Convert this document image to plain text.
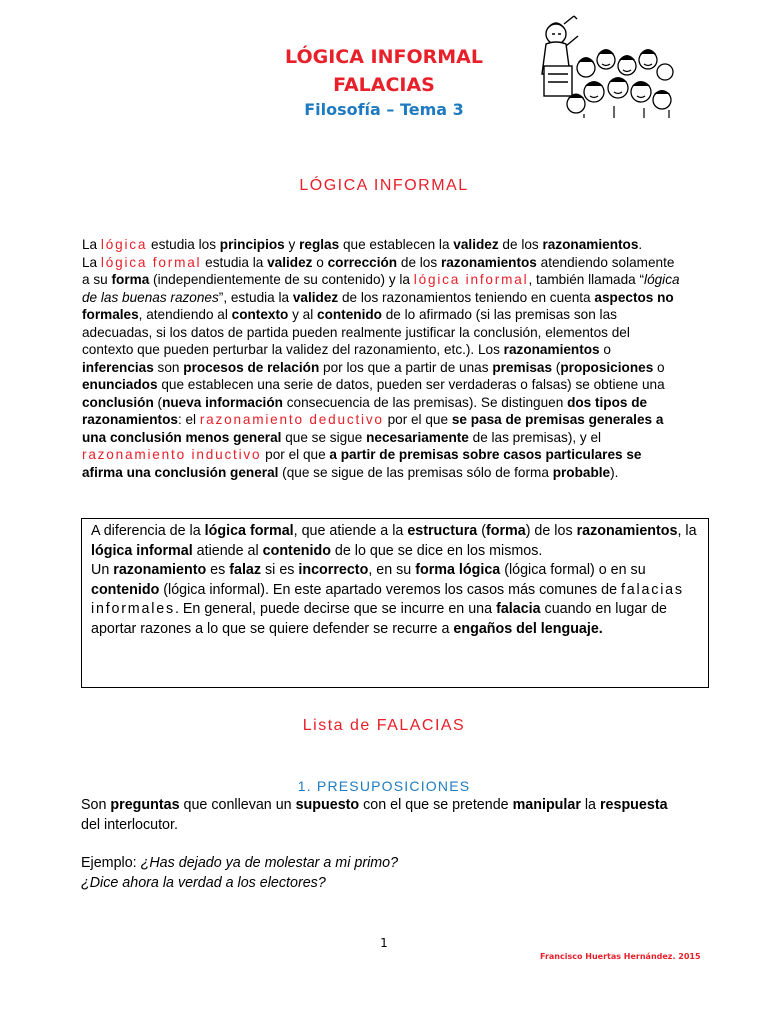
LÓGICA INFORMAL
FALACIAS
Filosofía – Tema 3
LÓGICA INFORMAL
La lógica estudia los principios y reglas que establecen la validez de los razonamientos.
La lógica formal estudia la validez o corrección de los razonamientos atendiendo solamente a su forma (independientemente de su contenido) y la lógica informal, también llamada “lógica de las buenas razones”, estudia la validez de los razonamientos teniendo en cuenta aspectos no formales, atendiendo al contexto y al contenido de lo afirmado (si las premisas son las adecuadas, si los datos de partida pueden realmente justificar la conclusión, elementos del contexto que pueden perturbar la validez del razonamiento, etc.). Los razonamientos o inferencias son procesos de relación por los que a partir de unas premisas (proposiciones o enunciados que establecen una serie de datos, pueden ser verdaderas o falsas) se obtiene una conclusión (nueva información consecuencia de las premisas). Se distinguen dos tipos de razonamientos: el razonamiento deductivo por el que se pasa de premisas generales a una conclusión menos general que se sigue necesariamente de las premisas), y el razonamiento inductivo por el que a partir de premisas sobre casos particulares se afirma una conclusión general (que se sigue de las premisas sólo de forma probable).
A diferencia de la lógica formal, que atiende a la estructura (forma) de los razonamientos, la lógica informal atiende al contenido de lo que se dice en los mismos.
Un razonamiento es falaz si es incorrecto, en su forma lógica (lógica formal) o en su contenido (lógica informal). En este apartado veremos los casos más comunes de falacias informales. En general, puede decirse que se incurre en una falacia cuando en lugar de aportar razones a lo que se quiere defender se recurre a engaños del lenguaje.
Lista de FALACIAS
1. PRESUPOSICIONES
Son preguntas que conllevan un supuesto con el que se pretende manipular la respuesta del interlocutor.
Ejemplo: ¿Has dejado ya de molestar a mi primo?
¿Dice ahora la verdad a los electores?
1
Francisco Huertas Hernández. 2015
